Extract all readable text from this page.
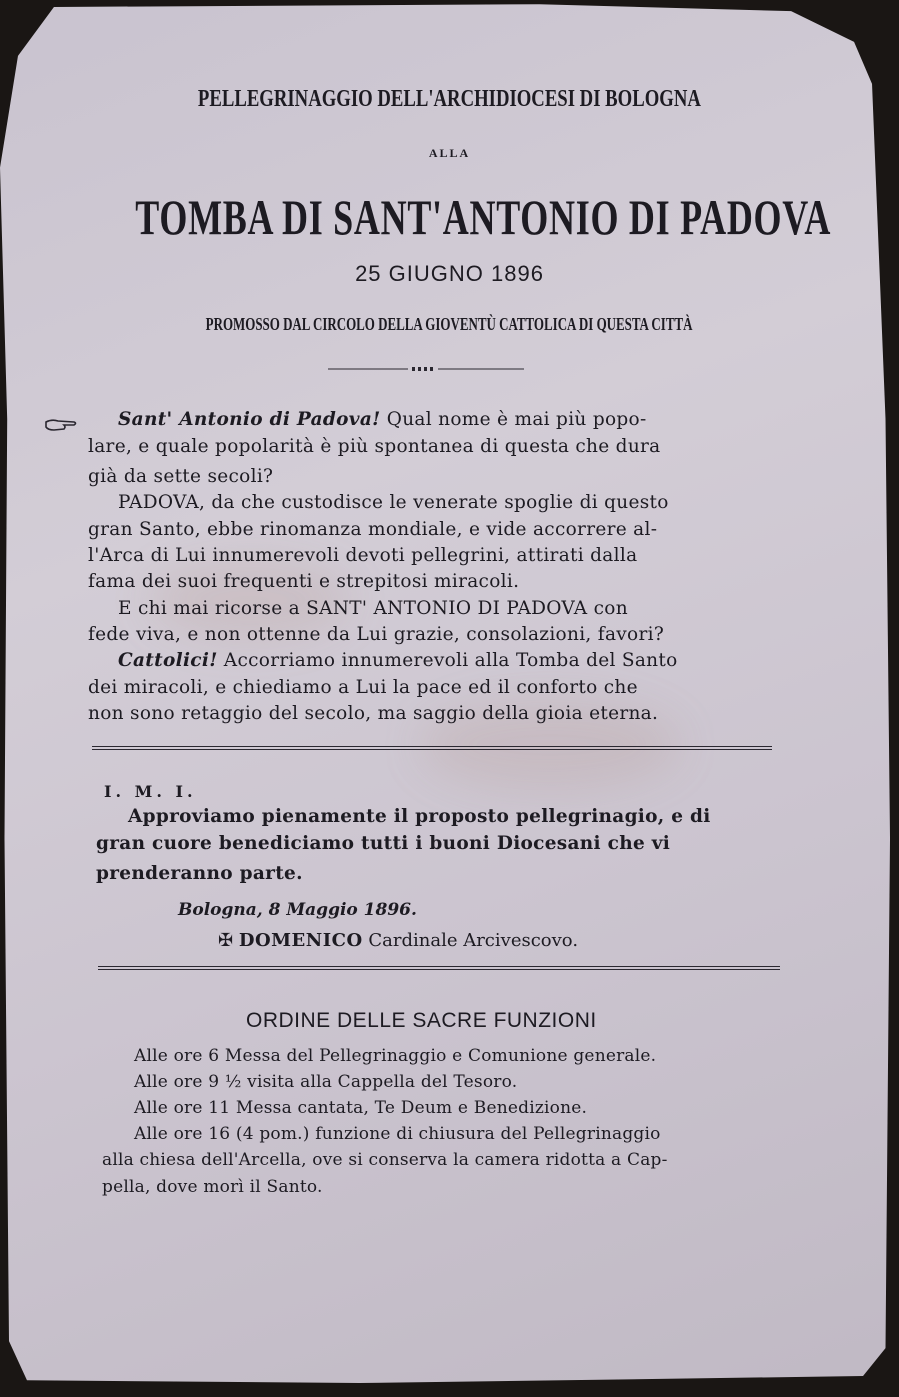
PELLEGRINAGGIO DELL'ARCHIDIOCESI DI BOLOGNA
ALLA
TOMBA DI SANT'ANTONIO DI PADOVA
25 GIUGNO 1896
PROMOSSO DAL CIRCOLO DELLA GIOVENTÙ CATTOLICA DI QUESTA CITTÀ
Sant' Antonio di Padova! Qual nome è mai più popo-
lare, e quale popolarità è più spontanea di questa che dura
già da sette secoli?
PADOVA, da che custodisce le venerate spoglie di questo
gran Santo, ebbe rinomanza mondiale, e vide accorrere al-
l'Arca di Lui innumerevoli devoti pellegrini, attirati dalla
fama dei suoi frequenti e strepitosi miracoli.
E chi mai ricorse a SANT' ANTONIO DI PADOVA con
fede viva, e non ottenne da Lui grazie, consolazioni, favori?
Cattolici! Accorriamo innumerevoli alla Tomba del Santo
dei miracoli, e chiediamo a Lui la pace ed il conforto che
non sono retaggio del secolo, ma saggio della gioia eterna.
I. M. I.
Approviamo pienamente il proposto pellegrinagio, e di
gran cuore benediciamo tutti i buoni Diocesani che vi
prenderanno parte.
Bologna, 8 Maggio 1896.
✠ DOMENICO Cardinale Arcivescovo.
ORDINE DELLE SACRE FUNZIONI
Alle ore 6 Messa del Pellegrinaggio e Comunione generale.
Alle ore 9 ½ visita alla Cappella del Tesoro.
Alle ore 11 Messa cantata, Te Deum e Benedizione.
Alle ore 16 (4 pom.) funzione di chiusura del Pellegrinaggio
alla chiesa dell'Arcella, ove si conserva la camera ridotta a Cap-
pella, dove morì il Santo.
